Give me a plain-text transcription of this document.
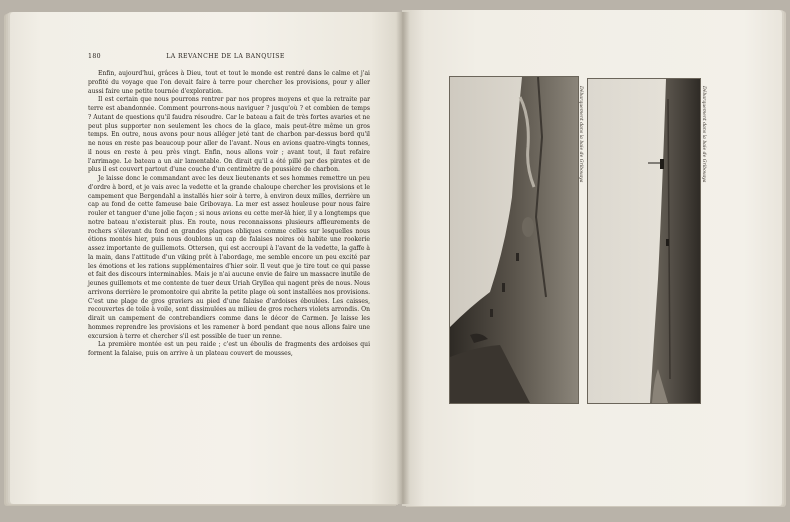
180	LA REVANCHE DE LA BANQUISE

Enfin, aujourd'hui, grâces à Dieu, tout et tout le monde est rentré dans le calme et j'ai profité du voyage que l'on devait faire à terre pour chercher les provisions, pour y aller aussi faire une petite tournée d'exploration.

Il est certain que nous pourrons rentrer par nos propres moyens et que la retraite par terre est abandonnée. Comment pourrons-nous naviguer ? jusqu'où ? et combien de temps ? Autant de questions qu'il faudra résoudre. Car le bateau a fait de très fortes avaries et ne peut plus supporter non seulement les chocs de la glace, mais peut-être même un gros temps. En outre, nous avons pour nous alléger jeté tant de charbon par-dessus bord qu'il ne nous en reste pas beaucoup pour aller de l'avant. Nous en avions quatre-vingts tonnes, il nous en reste à peu près vingt. Enfin, nous allons voir ; avant tout, il faut refaire l'arrimage. Le bateau a un air lamentable. On dirait qu'il a été pillé par des pirates et de plus il est couvert partout d'une couche d'un centimètre de poussière de charbon.

Je laisse donc le commandant avec les deux lieutenants et ses hommes remettre un peu d'ordre à bord, et je vais avec la vedette et la grande chaloupe chercher les provisions et le campement que Bergendahl a installés hier soir à terre, à environ deux milles, derrière un cap au fond de cette fameuse baie Gribovaya. La mer est assez houleuse pour nous faire rouler et tanguer d'une jolie façon ; si nous avions eu cette mer-là hier, il y a longtemps que notre bateau n'existerait plus. En route, nous reconnaissons plusieurs affleurements de rochers s'élevant du fond en grandes plaques obliques comme celles sur lesquelles nous étions montés hier, puis nous doublons un cap de falaises noires où habite une rookerie assez importante de guillemots. Ottersen, qui est accroupi à l'avant de la vedette, la gaffe à la main, dans l'attitude d'un viking prêt à l'abordage, me semble encore un peu excité par les émotions et les rations supplémentaires d'hier soir. Il veut que je tire tout ce qui passe et fait des discours interminables. Mais je n'ai aucune envie de faire un massacre inutile de jeunes guillemots et me contente de tuer deux Uriah Gryllea qui nagent près de nous. Nous arrivons derrière le promontoire qui abrite la petite plage où sont installées nos provisions. C'est une plage de gros graviers au pied d'une falaise d'ardoises éboulées. Les caisses, recouvertes de toile à voile, sont dissimulées au milieu de gros rochers violets arrondis. On dirait un campement de contrebandiers comme dans le décor de Carmen. Je laisse les hommes reprendre les provisions et les ramener à bord pendant que nous allons faire une excursion à terre et chercher s'il est possible de tuer un renne.

La première montée est un peu raide ; c'est un éboulis de fragments des ardoises qui forment la falaise, puis on arrive à un plateau couvert de mousses,

Débarquement dans la baie de Gribovaya	Débarquement dans la baie de Gribovaya
